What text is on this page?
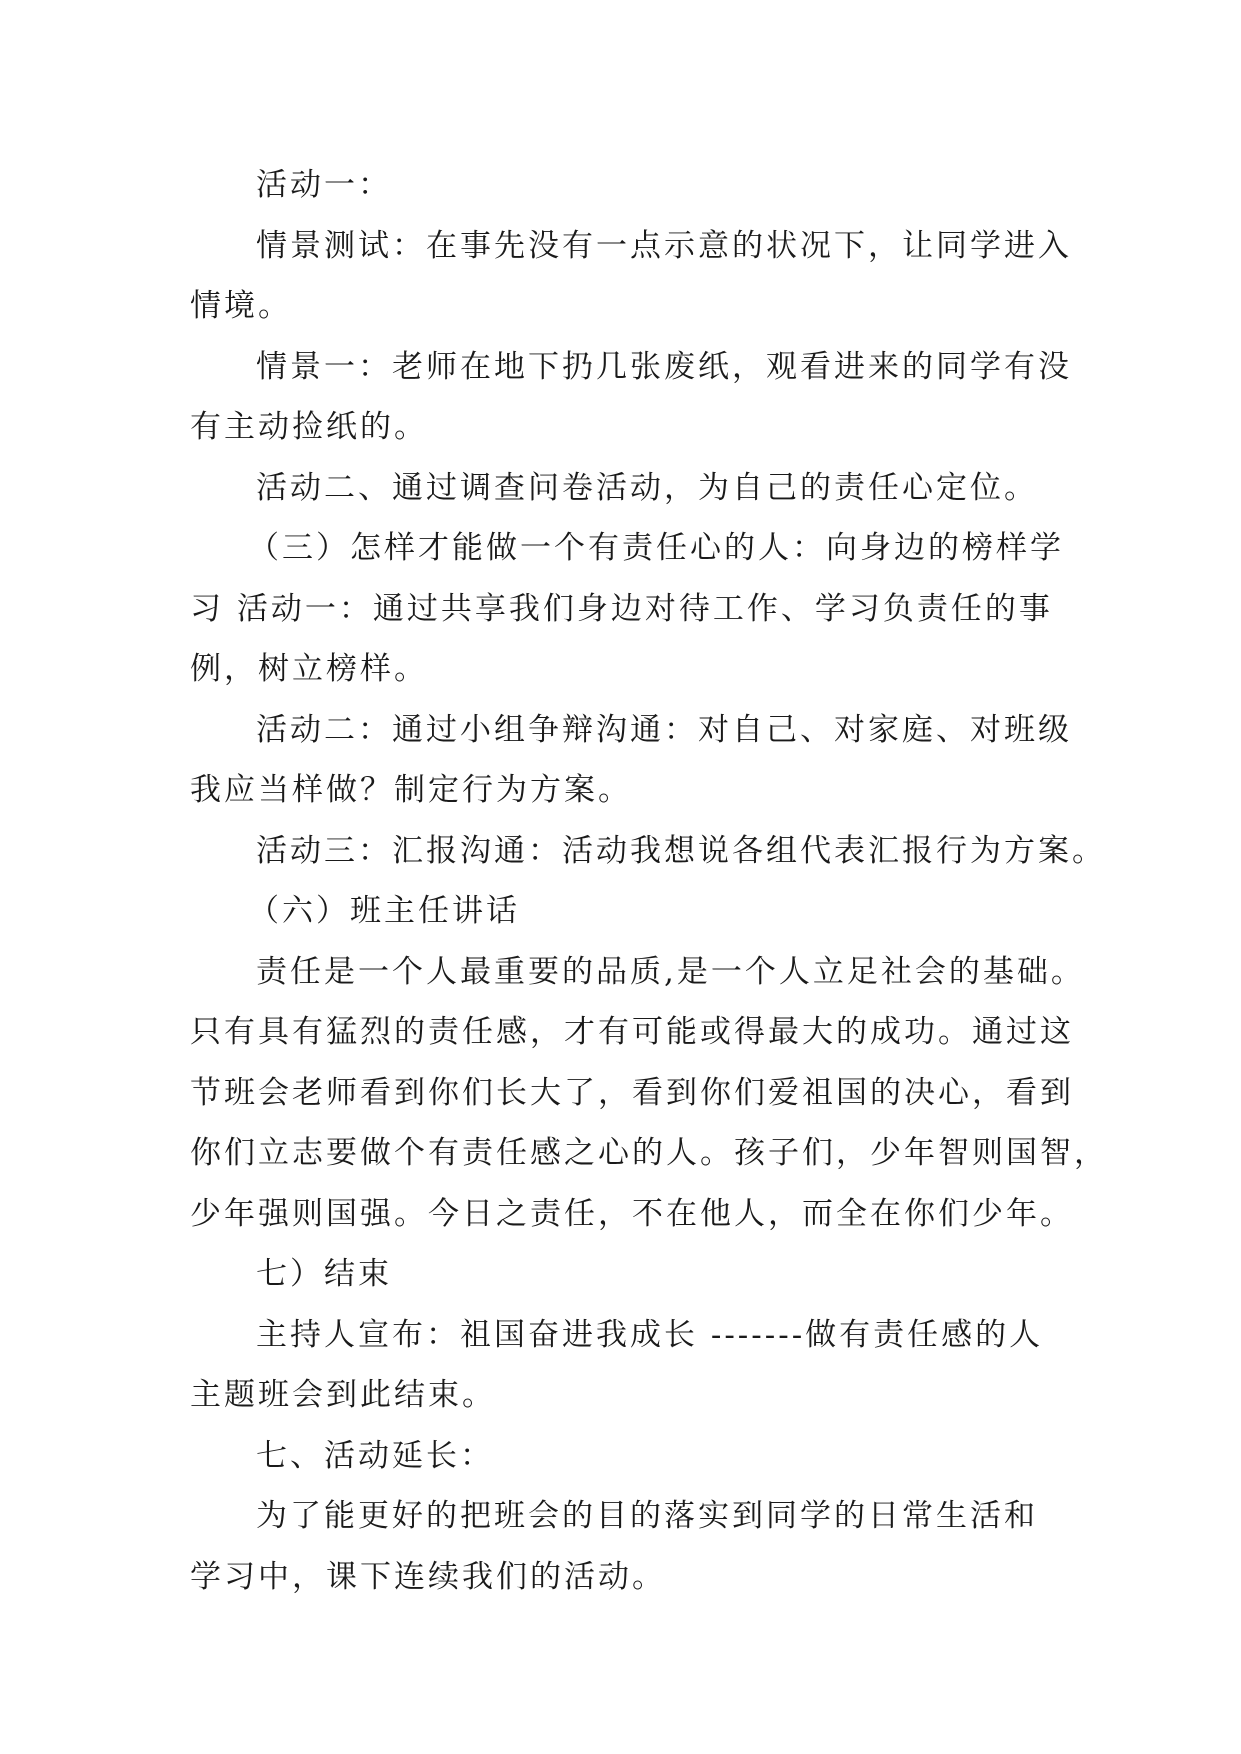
活动一：
情景测试：在事先没有一点示意的状况下，让同学进入
情境。
情景一：老师在地下扔几张废纸，观看进来的同学有没
有主动捡纸的。
活动二、通过调查问卷活动，为自己的责任心定位。
（三）怎样才能做一个有责任心的人：向身边的榜样学
习 活动一：通过共享我们身边对待工作、学习负责任的事
例，树立榜样。
活动二：通过小组争辩沟通：对自己、对家庭、对班级
我应当样做？制定行为方案。
活动三：汇报沟通：活动我想说各组代表汇报行为方案。
（六）班主任讲话
责任是一个人最重要的品质,是一个人立足社会的基础。
只有具有猛烈的责任感，才有可能或得最大的成功。通过这
节班会老师看到你们长大了，看到你们爱祖国的决心，看到
你们立志要做个有责任感之心的人。孩子们，少年智则国智，
少年强则国强。今日之责任，不在他人，而全在你们少年。
七）结束
主持人宣布：祖国奋进我成长 -------做有责任感的人
主题班会到此结束。
七、活动延长：
为了能更好的把班会的目的落实到同学的日常生活和
学习中，课下连续我们的活动。
